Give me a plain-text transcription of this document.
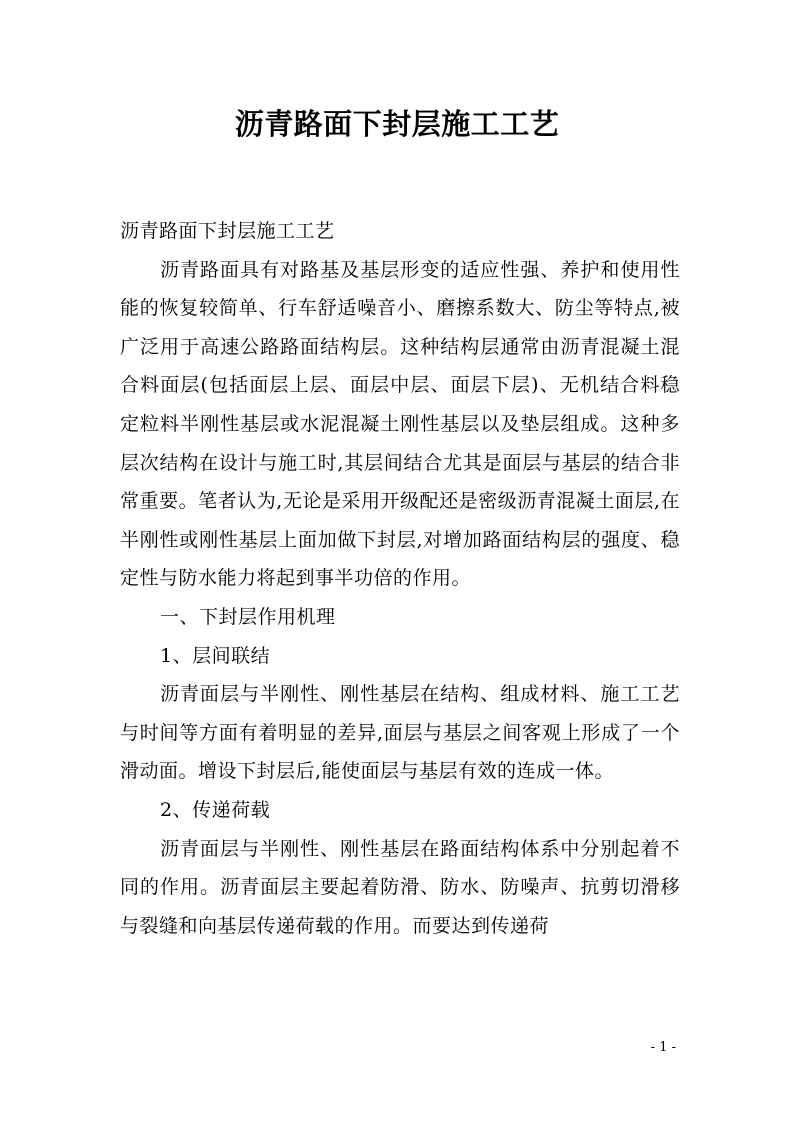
沥青路面下封层施工工艺

沥青路面下封层施工工艺

沥青路面具有对路基及基层形变的适应性强、养护和使用性能的恢复较简单、行车舒适噪音小、磨擦系数大、防尘等特点,被广泛用于高速公路路面结构层。这种结构层通常由沥青混凝土混合料面层(包括面层上层、面层中层、面层下层)、无机结合料稳定粒料半刚性基层或水泥混凝土刚性基层以及垫层组成。这种多层次结构在设计与施工时,其层间结合尤其是面层与基层的结合非常重要。笔者认为,无论是采用开级配还是密级沥青混凝土面层,在半刚性或刚性基层上面加做下封层,对增加路面结构层的强度、稳定性与防水能力将起到事半功倍的作用。

一、下封层作用机理

1、层间联结

沥青面层与半刚性、刚性基层在结构、组成材料、施工工艺与时间等方面有着明显的差异,面层与基层之间客观上形成了一个滑动面。增设下封层后,能使面层与基层有效的连成一体。

2、传递荷载

沥青面层与半刚性、刚性基层在路面结构体系中分别起着不同的作用。沥青面层主要起着防滑、防水、防噪声、抗剪切滑移与裂缝和向基层传递荷载的作用。而要达到传递荷

- 1 -
